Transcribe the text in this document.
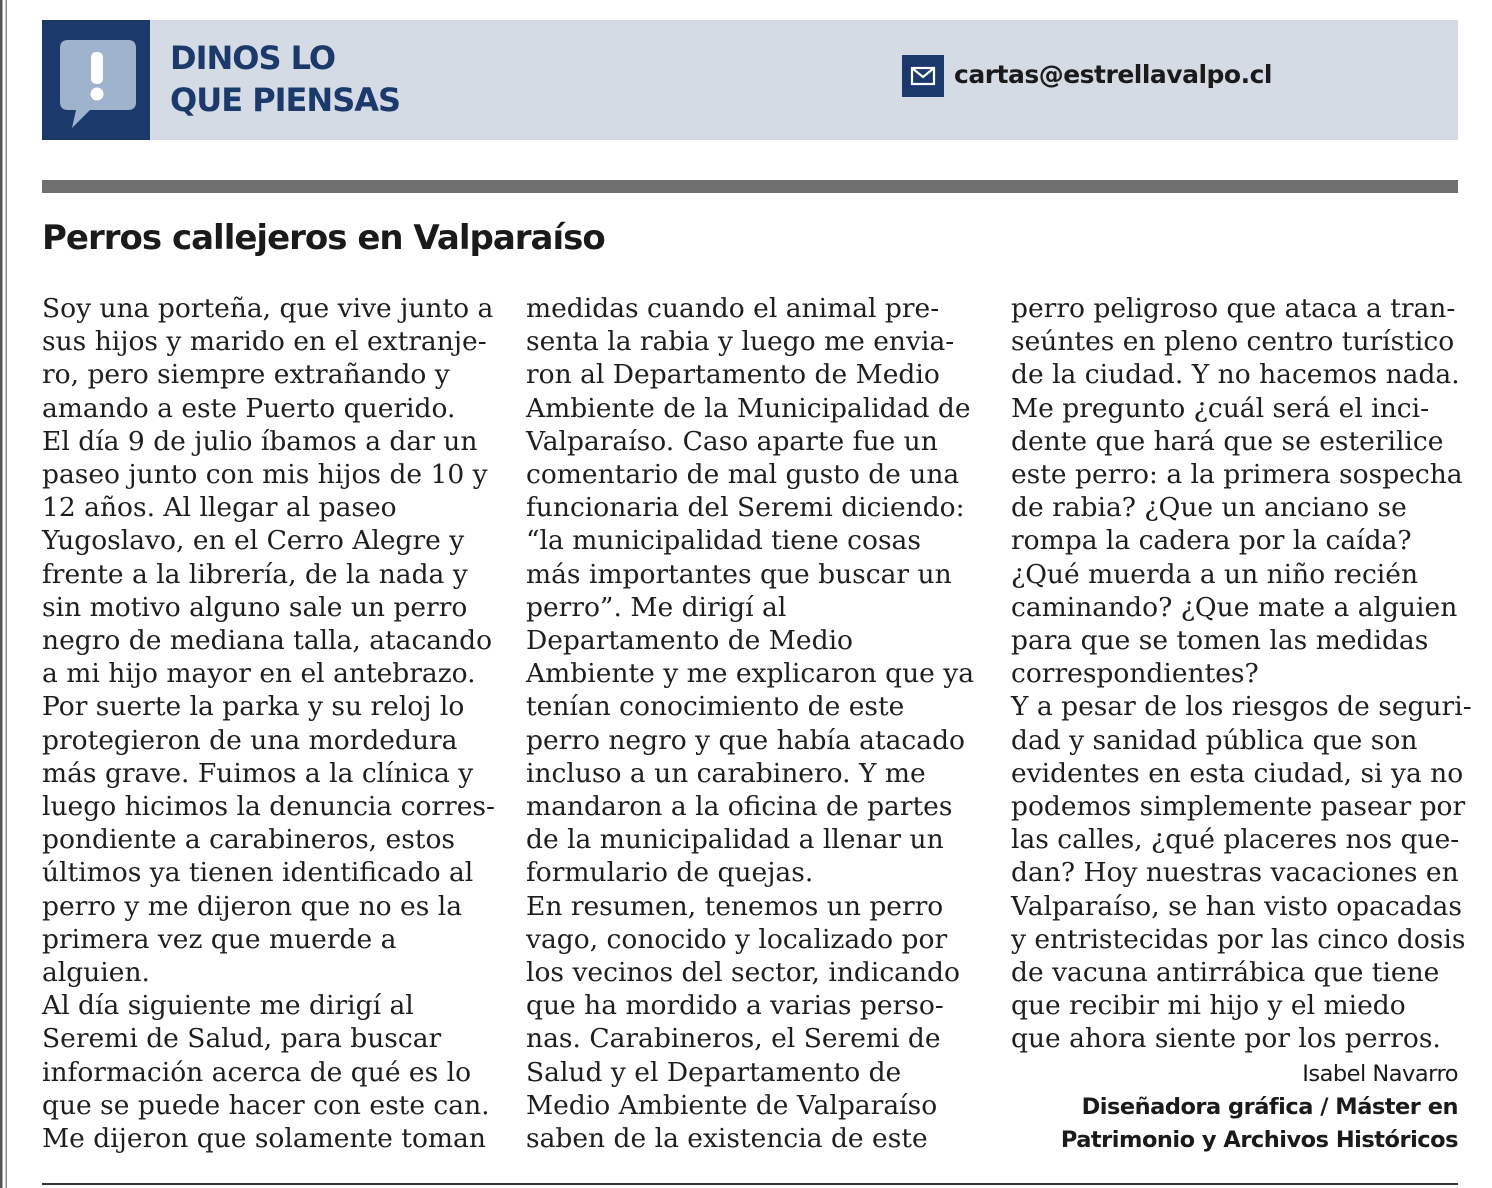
DINOS LO
QUE PIENSAS
cartas@estrellavalpo.cl
Perros callejeros en Valparaíso
Soy una porteña, que vive junto a
sus hijos y marido en el extranje-
ro, pero siempre extrañando y
amando a este Puerto querido.
El día 9 de julio íbamos a dar un
paseo junto con mis hijos de 10 y
12 años. Al llegar al paseo
Yugoslavo, en el Cerro Alegre y
frente a la librería, de la nada y
sin motivo alguno sale un perro
negro de mediana talla, atacando
a mi hijo mayor en el antebrazo.
Por suerte la parka y su reloj lo
protegieron de una mordedura
más grave. Fuimos a la clínica y
luego hicimos la denuncia corres-
pondiente a carabineros, estos
últimos ya tienen identificado al
perro y me dijeron que no es la
primera vez que muerde a
alguien.
Al día siguiente me dirigí al
Seremi de Salud, para buscar
información acerca de qué es lo
que se puede hacer con este can.
Me dijeron que solamente toman
medidas cuando el animal pre-
senta la rabia y luego me envia-
ron al Departamento de Medio
Ambiente de la Municipalidad de
Valparaíso. Caso aparte fue un
comentario de mal gusto de una
funcionaria del Seremi diciendo:
“la municipalidad tiene cosas
más importantes que buscar un
perro”. Me dirigí al
Departamento de Medio
Ambiente y me explicaron que ya
tenían conocimiento de este
perro negro y que había atacado
incluso a un carabinero. Y me
mandaron a la oficina de partes
de la municipalidad a llenar un
formulario de quejas.
En resumen, tenemos un perro
vago, conocido y localizado por
los vecinos del sector, indicando
que ha mordido a varias perso-
nas. Carabineros, el Seremi de
Salud y el Departamento de
Medio Ambiente de Valparaíso
saben de la existencia de este
perro peligroso que ataca a tran-
seúntes en pleno centro turístico
de la ciudad. Y no hacemos nada.
Me pregunto ¿cuál será el inci-
dente que hará que se esterilice
este perro: a la primera sospecha
de rabia? ¿Que un anciano se
rompa la cadera por la caída?
¿Qué muerda a un niño recién
caminando? ¿Que mate a alguien
para que se tomen las medidas
correspondientes?
Y a pesar de los riesgos de seguri-
dad y sanidad pública que son
evidentes en esta ciudad, si ya no
podemos simplemente pasear por
las calles, ¿qué placeres nos que-
dan? Hoy nuestras vacaciones en
Valparaíso, se han visto opacadas
y entristecidas por las cinco dosis
de vacuna antirrábica que tiene
que recibir mi hijo y el miedo
que ahora siente por los perros.
Isabel Navarro
Diseñadora gráfica / Máster en
Patrimonio y Archivos Históricos
